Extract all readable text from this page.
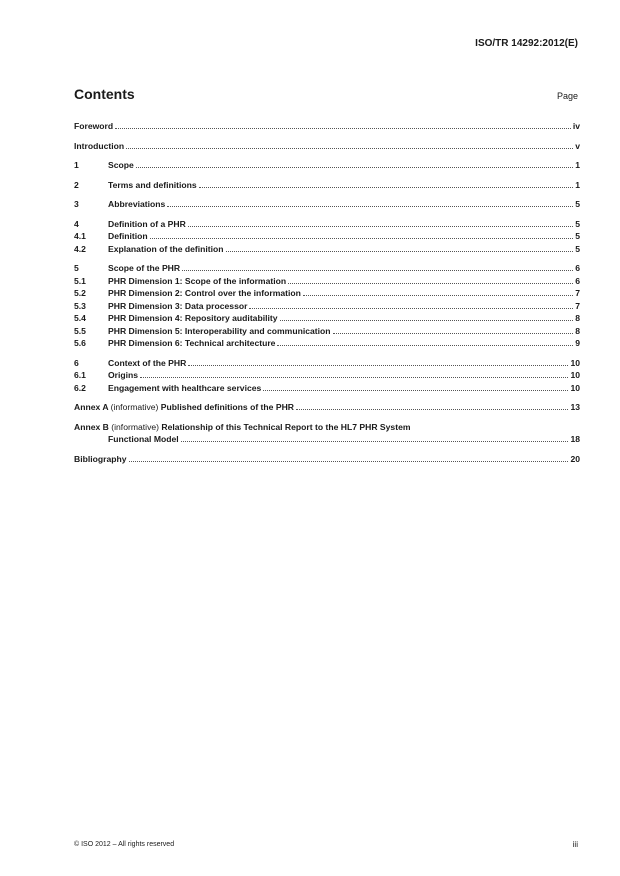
ISO/TR 14292:2012(E)
Contents	Page
Foreword	iv
Introduction	v
1	Scope	1
2	Terms and definitions	1
3	Abbreviations	5
4	Definition of a PHR	5
4.1	Definition	5
4.2	Explanation of the definition	5
5	Scope of the PHR	6
5.1	PHR Dimension 1: Scope of the information	6
5.2	PHR Dimension 2: Control over the information	7
5.3	PHR Dimension 3: Data processor	7
5.4	PHR Dimension 4: Repository auditability	8
5.5	PHR Dimension 5: Interoperability and communication	8
5.6	PHR Dimension 6: Technical architecture	9
6	Context of the PHR	10
6.1	Origins	10
6.2	Engagement with healthcare services	10
Annex A (informative) Published definitions of the PHR	13
Annex B (informative) Relationship of this Technical Report to the HL7 PHR System
Functional Model	18
Bibliography	20
© ISO 2012 – All rights reserved	iii
